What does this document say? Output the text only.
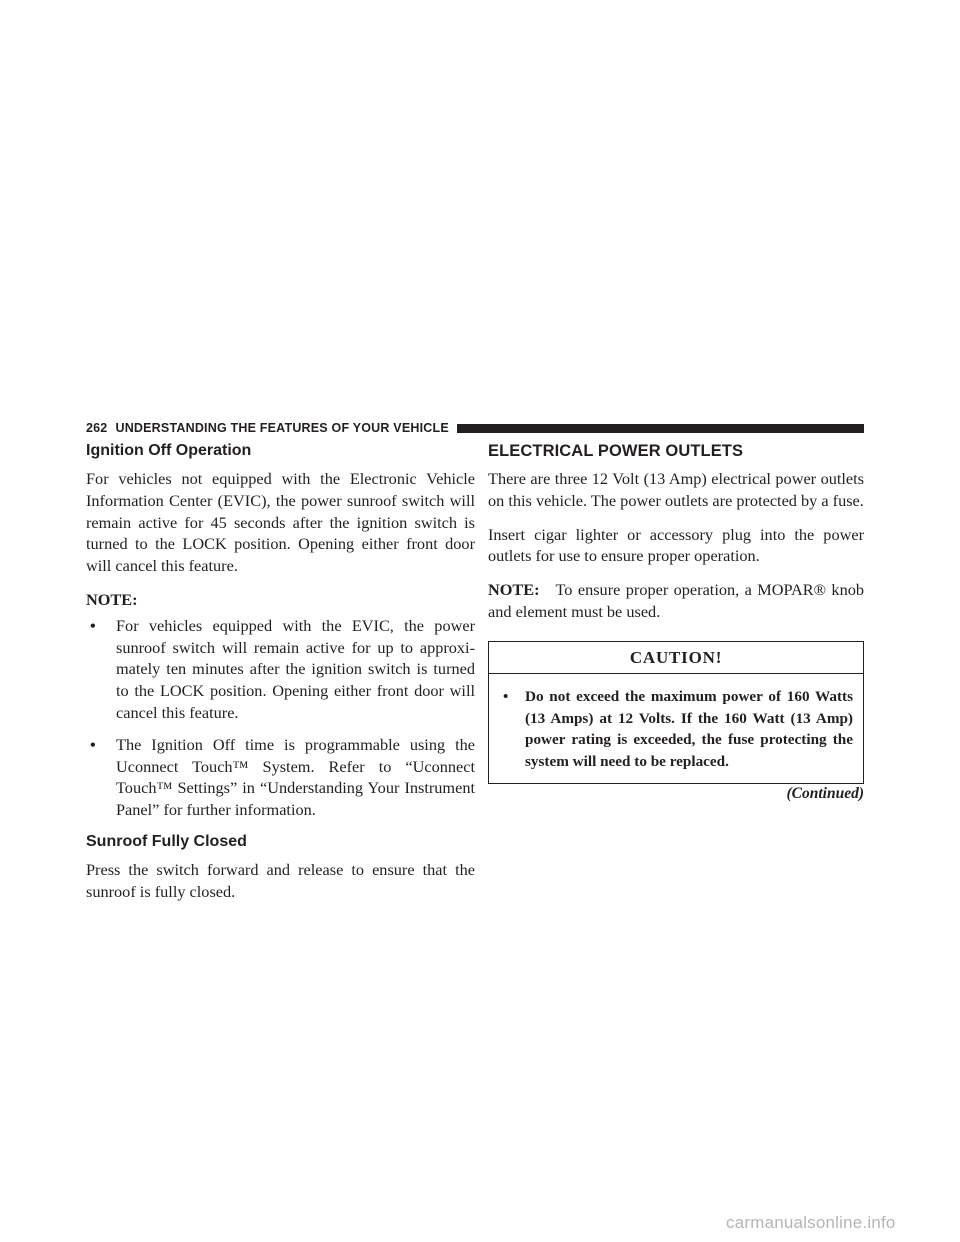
262 UNDERSTANDING THE FEATURES OF YOUR VEHICLE
Ignition Off Operation

For vehicles not equipped with the Electronic Vehicle Information Center (EVIC), the power sunroof switch will remain active for 45 seconds after the ignition switch is turned to the LOCK position. Opening either front door will cancel this feature.

NOTE:

• For vehicles equipped with the EVIC, the power sunroof switch will remain active for up to approxi- mately ten minutes after the ignition switch is turned to the LOCK position. Opening either front door will cancel this feature.
• The Ignition Off time is programmable using the Uconnect Touch™ System. Refer to “Uconnect Touch™ Settings” in “Understanding Your Instrument Panel” for further information.
Sunroof Fully Closed

Press the switch forward and release to ensure that the sunroof is fully closed.

ELECTRICAL POWER OUTLETS

There are three 12 Volt (13 Amp) electrical power outlets on this vehicle. The power outlets are protected by a fuse.

Insert cigar lighter or accessory plug into the power outlets for use to ensure proper operation.

NOTE: To ensure proper operation, a MOPAR® knob and element must be used.

CAUTION!
• Do not exceed the maximum power of 160 Watts (13 Amps) at 12 Volts. If the 160 Watt (13 Amp) power rating is exceeded, the fuse protecting the system will need to be replaced.
(Continued)
carmanualsonline.info
